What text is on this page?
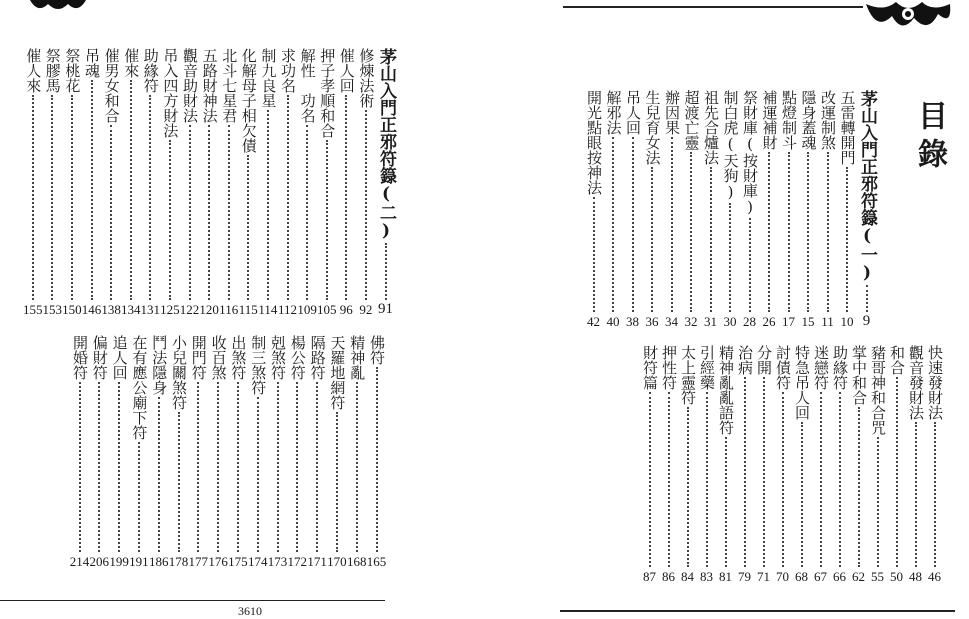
目錄
3610
茅山入門正邪符籙(二)
91
修煉法術
92
催人回
96
押子孝順和合
105
解性　功名
109
求功名
112
制九良星
114
化解母子相欠債
115
北斗七星君
116
五路財神法
120
觀音助財法
122
吊入四方財法
125
助緣符
131
催來
134
催男女和合
138
吊魂
146
祭桃花
150
祭膠馬
153
催人來
155
佛符
165
精神亂
168
天羅地網符
170
隔路符
171
楊公符
172
剋煞符
173
制三煞符
174
出煞符
175
收百煞
176
開門符
177
小兒關煞符
178
鬥法隱身
186
在有應公廟下符
191
追人回
199
偏財符
206
開婚符
214
茅山入門正邪符籙(一)
9
五雷轉開門
10
改運制煞
11
隱身蓋魂
15
點燈制斗
17
補運補財
26
祭財庫(按財庫)
28
制白虎(天狗)
30
祖先合爐法
31
超渡亡靈
32
辦因果
34
生兒育女法
36
吊人回
38
解邪法
40
開光點眼按神法
42
快速發財法
46
觀音發財法
48
和合
50
豬哥神和合咒
55
掌中和合
62
助緣符
66
迷戀符
67
特急吊人回
68
討債符
70
分開
71
治病
79
精神亂亂語符
81
引經藥
83
太上靈符
84
押性符
86
財符篇
87
